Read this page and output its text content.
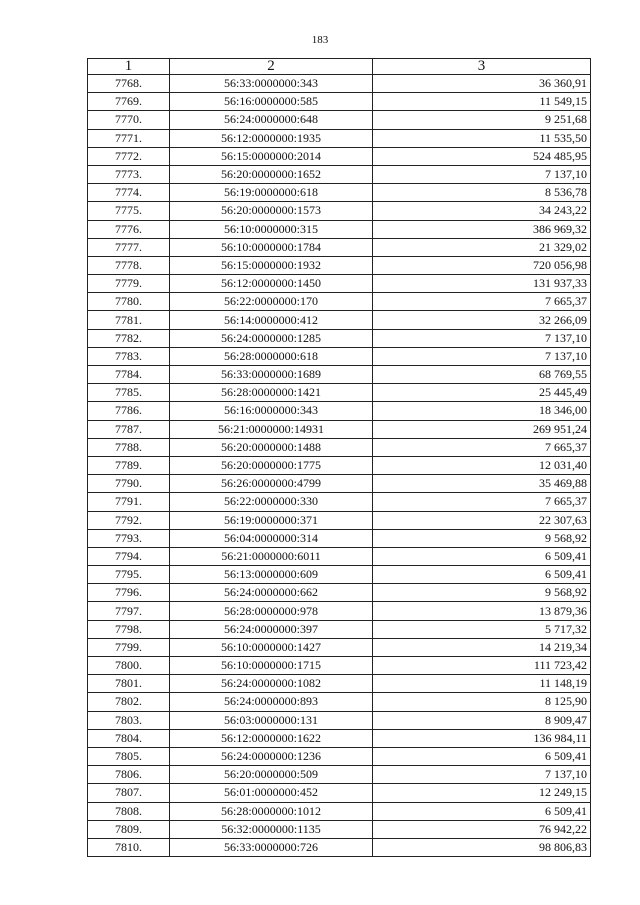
183
1	2	3
7768.	56:33:0000000:343	36 360,91
7769.	56:16:0000000:585	11 549,15
7770.	56:24:0000000:648	9 251,68
7771.	56:12:0000000:1935	11 535,50
7772.	56:15:0000000:2014	524 485,95
7773.	56:20:0000000:1652	7 137,10
7774.	56:19:0000000:618	8 536,78
7775.	56:20:0000000:1573	34 243,22
7776.	56:10:0000000:315	386 969,32
7777.	56:10:0000000:1784	21 329,02
7778.	56:15:0000000:1932	720 056,98
7779.	56:12:0000000:1450	131 937,33
7780.	56:22:0000000:170	7 665,37
7781.	56:14:0000000:412	32 266,09
7782.	56:24:0000000:1285	7 137,10
7783.	56:28:0000000:618	7 137,10
7784.	56:33:0000000:1689	68 769,55
7785.	56:28:0000000:1421	25 445,49
7786.	56:16:0000000:343	18 346,00
7787.	56:21:0000000:14931	269 951,24
7788.	56:20:0000000:1488	7 665,37
7789.	56:20:0000000:1775	12 031,40
7790.	56:26:0000000:4799	35 469,88
7791.	56:22:0000000:330	7 665,37
7792.	56:19:0000000:371	22 307,63
7793.	56:04:0000000:314	9 568,92
7794.	56:21:0000000:6011	6 509,41
7795.	56:13:0000000:609	6 509,41
7796.	56:24:0000000:662	9 568,92
7797.	56:28:0000000:978	13 879,36
7798.	56:24:0000000:397	5 717,32
7799.	56:10:0000000:1427	14 219,34
7800.	56:10:0000000:1715	111 723,42
7801.	56:24:0000000:1082	11 148,19
7802.	56:24:0000000:893	8 125,90
7803.	56:03:0000000:131	8 909,47
7804.	56:12:0000000:1622	136 984,11
7805.	56:24:0000000:1236	6 509,41
7806.	56:20:0000000:509	7 137,10
7807.	56:01:0000000:452	12 249,15
7808.	56:28:0000000:1012	6 509,41
7809.	56:32:0000000:1135	76 942,22
7810.	56:33:0000000:726	98 806,83
